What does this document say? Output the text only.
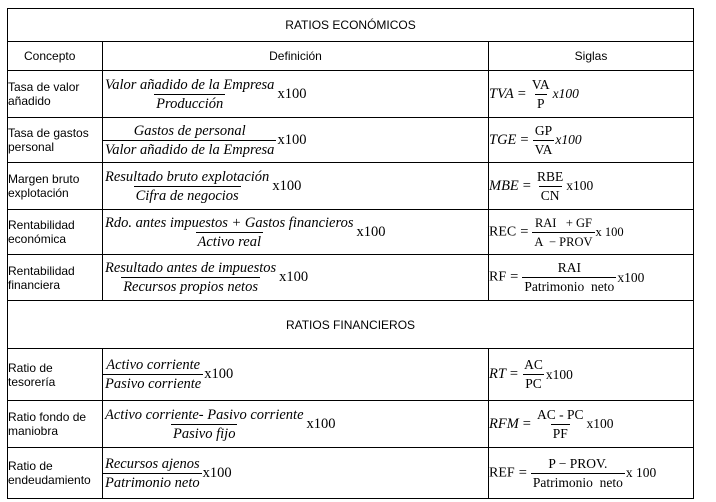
RATIOS ECONÓMICOS		
Concepto	Definición	Siglas
Tasa de valor añadido	$\frac{\text{Valor añadido de la Empresa}}{\text{Producción}} x100$	TVA = $\frac{VA}{P} x100$
Tasa de gastos personal	$\frac{\text{Gastos de personal}}{\text{Valor añadido de la Empresa}} x100$	TGE = $\frac{GP}{VA} x100$
Margen bruto explotación	$\frac{\text{Resultado bruto explotación}}{\text{Cifra de negocios}} x100$	MBE = $\frac{\text{RBE}}{CN} x100$
Rentabilidad económica	$\frac{\text{Rdo. antes impuestos + Gastos financieros}}{\text{Activo real}} x100$	REC = $\frac{\text{RAI   + GF}}{\text{A  − PROV}}$ x 100
Rentabilidad financiera	$\frac{\text{Resultado antes de impuestos}}{\text{Recursos propios netos}} x100$	RF = $\frac{\text{RAI}}{\text{Patrimonio  neto}} x100$
RATIOS FINANCIEROS		
Ratio de tesorería	$\frac{\text{Activo corriente}}{\text{Pasivo corriente}} x100$	RT = $\frac{AC}{PC} x100$
Ratio fondo de maniobra	$\frac{\text{Activo corriente- Pasivo corriente}}{\text{Pasivo fijo}} x100$	RFM = $\frac{AC - PC}{PF} x100$
Ratio de endeudamiento	$\frac{\text{Recursos ajenos}}{\text{Patrimonio neto}} x100$	REF = $\frac{\text{P − PROV.}}{\text{Patrimonio  neto}}$ x 100
